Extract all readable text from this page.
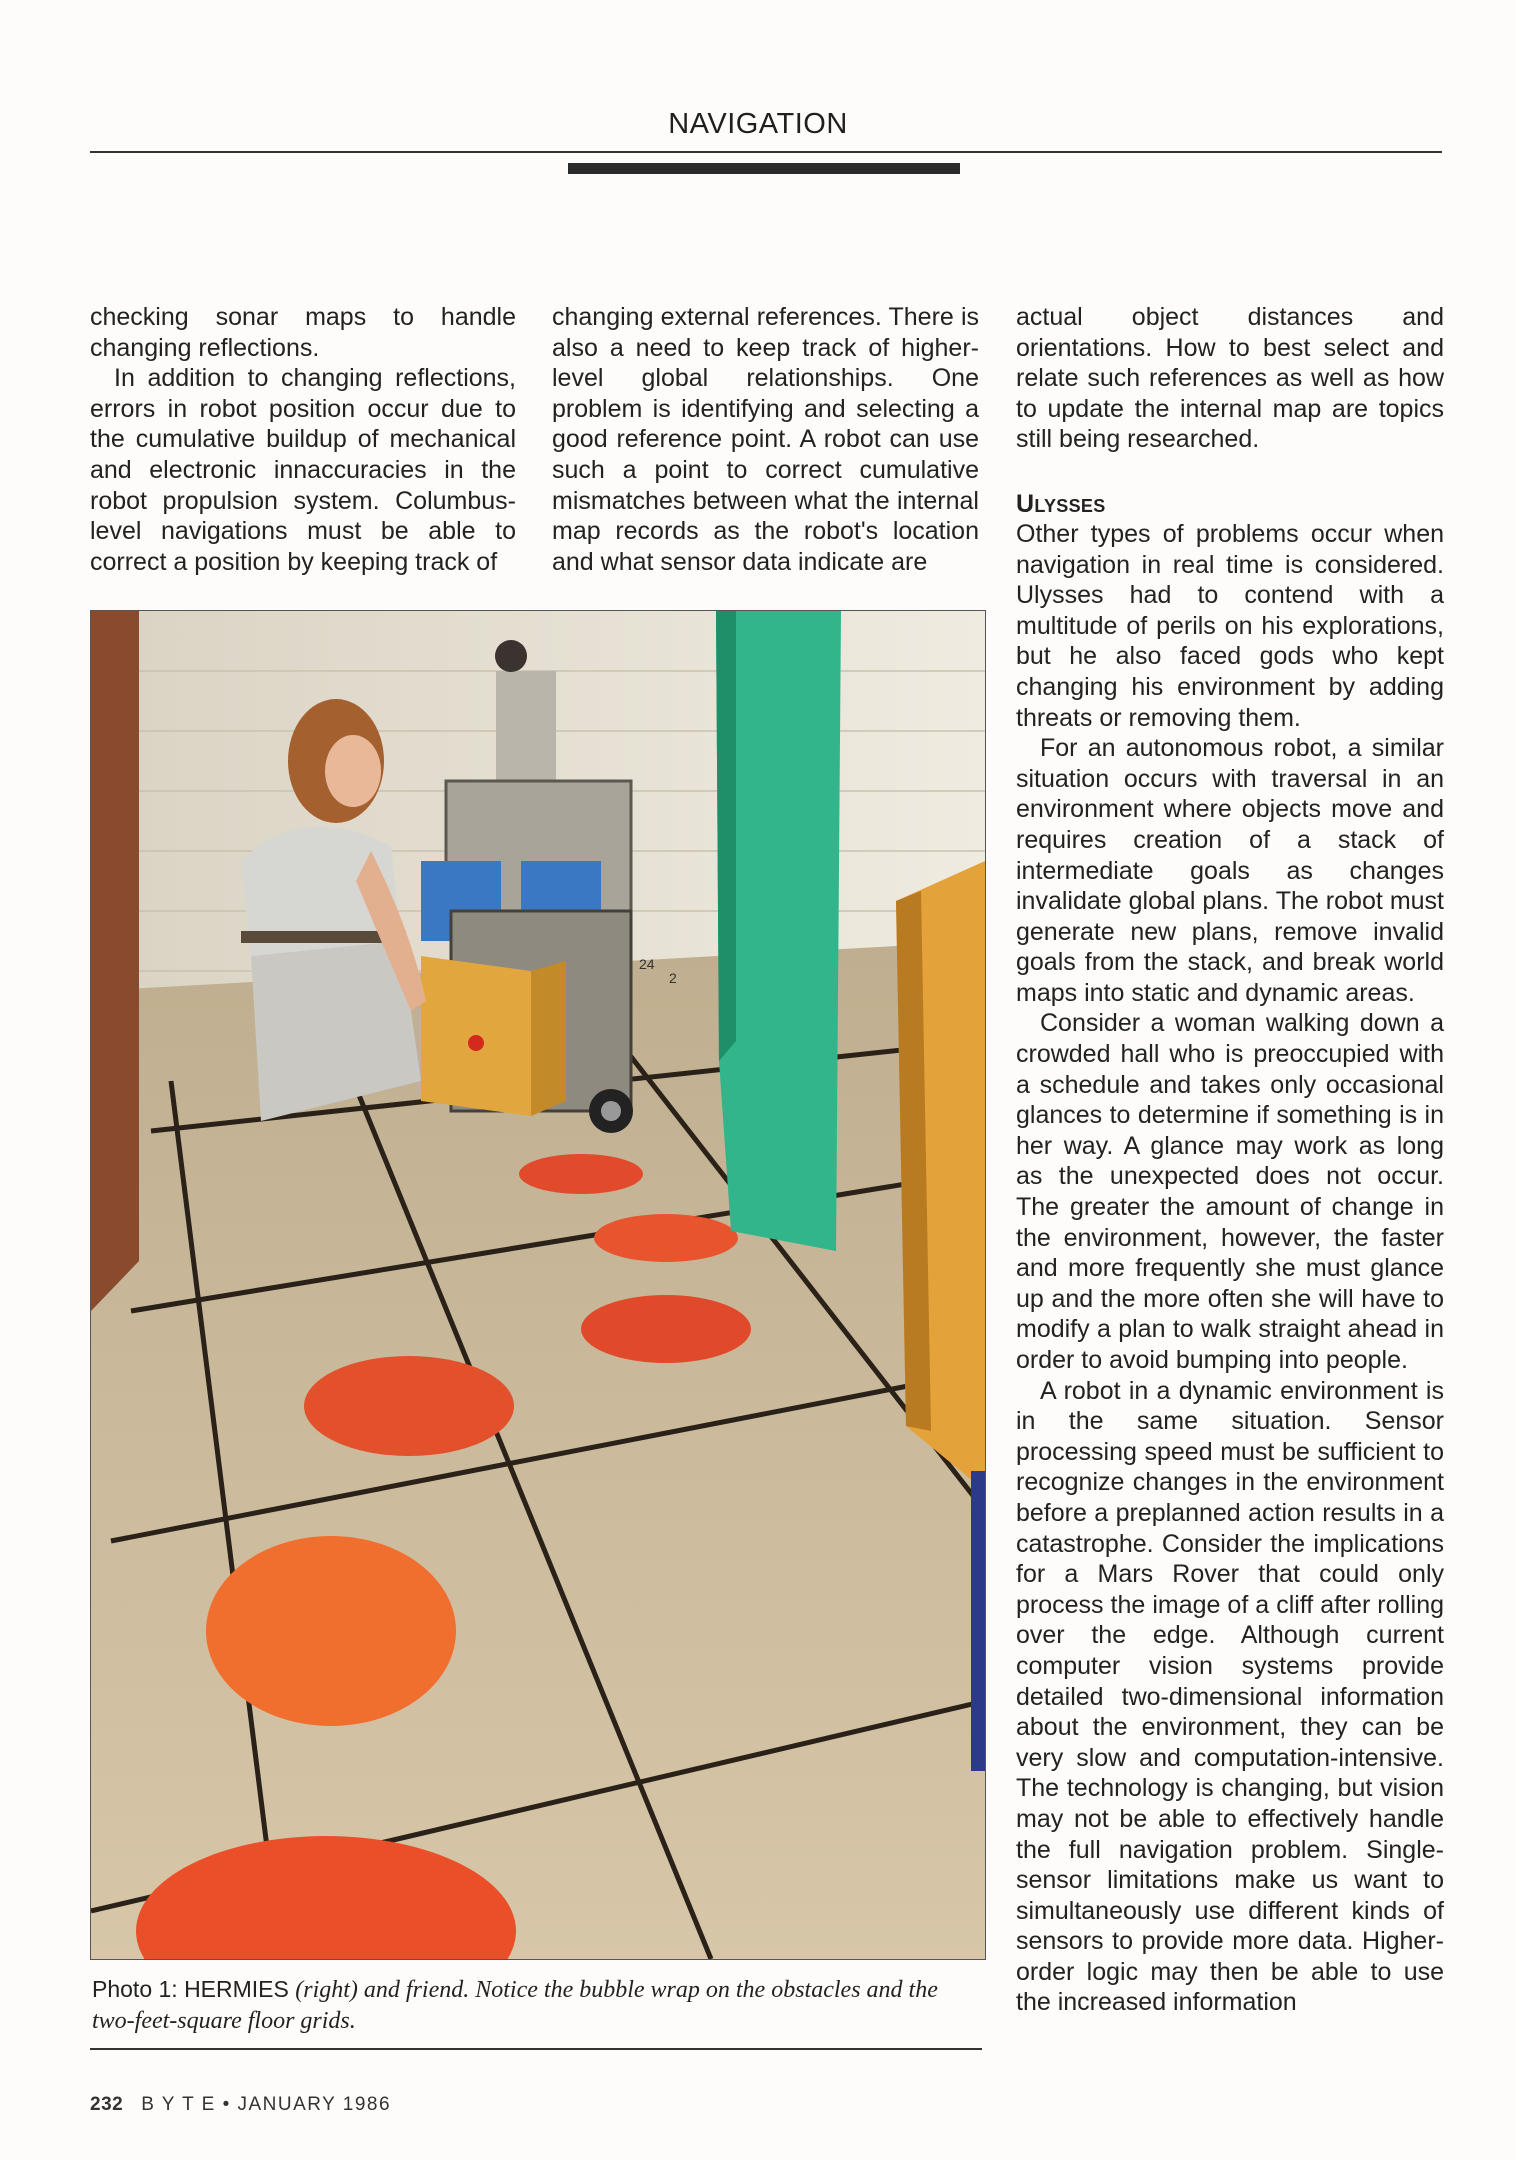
NAVIGATION

checking sonar maps to handle changing reflections.

In addition to changing reflections, errors in robot position occur due to the cumulative buildup of mechanical and electronic innaccuracies in the robot propulsion system. Columbus-level navigations must be able to correct a position by keeping track of

changing external references. There is also a need to keep track of higher-level global relationships. One problem is identifying and selecting a good reference point. A robot can use such a point to correct cumulative mismatches between what the internal map records as the robot's location and what sensor data indicate are

actual object distances and orientations. How to best select and relate such references as well as how to update the internal map are topics still being researched.

Ulysses

Other types of problems occur when navigation in real time is considered. Ulysses had to contend with a multitude of perils on his explorations, but he also faced gods who kept changing his environment by adding threats or removing them.

For an autonomous robot, a similar situation occurs with traversal in an environment where objects move and requires creation of a stack of intermediate goals as changes invalidate global plans. The robot must generate new plans, remove invalid goals from the stack, and break world maps into static and dynamic areas.

Consider a woman walking down a crowded hall who is preoccupied with a schedule and takes only occasional glances to determine if something is in her way. A glance may work as long as the unexpected does not occur. The greater the amount of change in the environment, however, the faster and more frequently she must glance up and the more often she will have to modify a plan to walk straight ahead in order to avoid bumping into people.

A robot in a dynamic environment is in the same situation. Sensor processing speed must be sufficient to recognize changes in the environment before a preplanned action results in a catastrophe. Consider the implications for a Mars Rover that could only process the image of a cliff after rolling over the edge. Although current computer vision systems provide detailed two-dimensional information about the environment, they can be very slow and computation-intensive. The technology is changing, but vision may not be able to effectively handle the full navigation problem. Single-sensor limitations make us want to simultaneously use different kinds of sensors to provide more data. Higher-order logic may then be able to use the increased information

24
2
Photo 1: HERMIES (right) and friend. Notice the bubble wrap on the obstacles and the two-feet-square floor grids.
232 B Y T E • JANUARY 1986
